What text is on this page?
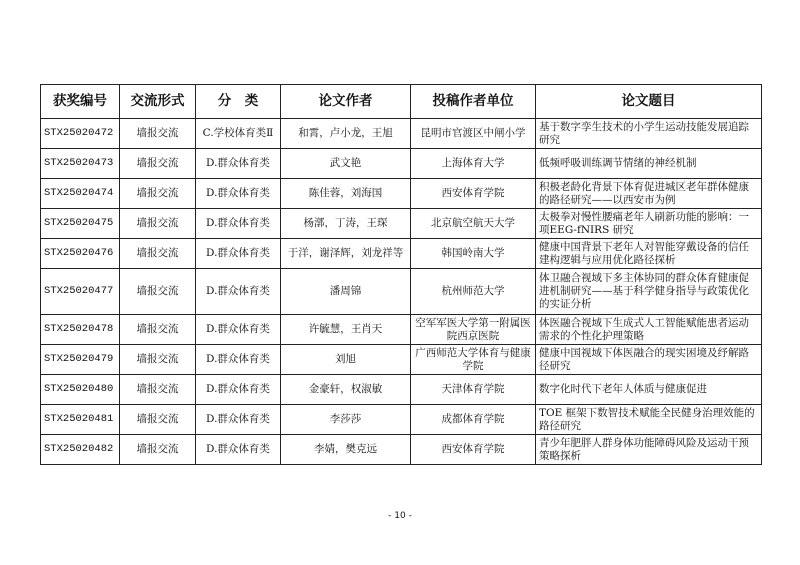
获奖编号	交流形式	分　类	论文作者	投稿作者单位	论文题目
STX25020472	墙报交流	C.学校体育类Ⅱ	和霄，卢小龙，王旭	昆明市官渡区中闸小学	基于数字孪生技术的小学生运动技能发展追踪研究
STX25020473	墙报交流	D.群众体育类	武文艳	上海体育大学	低频呼吸训练调节情绪的神经机制
STX25020474	墙报交流	D.群众体育类	陈佳蓉，刘海国	西安体育学院	积极老龄化背景下体育促进城区老年群体健康的路径研究——以西安市为例
STX25020475	墙报交流	D.群众体育类	杨漷，丁涛，王琛	北京航空航天大学	太极拳对慢性腰痛老年人刷新功能的影响：一项EEG-fNIRS 研究
STX25020476	墙报交流	D.群众体育类	于洋，谢泽辉，刘龙祥等	韩国岭南大学	健康中国背景下老年人对智能穿戴设备的信任建构逻辑与应用优化路径探析
STX25020477	墙报交流	D.群众体育类	潘周锦	杭州师范大学	体卫融合视域下多主体协同的群众体育健康促进机制研究——基于科学健身指导与政策优化的实证分析
STX25020478	墙报交流	D.群众体育类	许毓慧，王肖天	空军军医大学第一附属医院西京医院	体医融合视域下生成式人工智能赋能患者运动需求的个性化护理策略
STX25020479	墙报交流	D.群众体育类	刘旭	广西师范大学体育与健康学院	健康中国视域下体医融合的现实困境及纾解路径研究
STX25020480	墙报交流	D.群众体育类	金豪轩，权淑敏	天津体育学院	数字化时代下老年人体质与健康促进
STX25020481	墙报交流	D.群众体育类	李莎莎	成都体育学院	TOE 框架下数智技术赋能全民健身治理效能的路径研究
STX25020482	墙报交流	D.群众体育类	李婧，樊克远	西安体育学院	青少年肥胖人群身体功能障碍风险及运动干预策略探析
- 10 -
